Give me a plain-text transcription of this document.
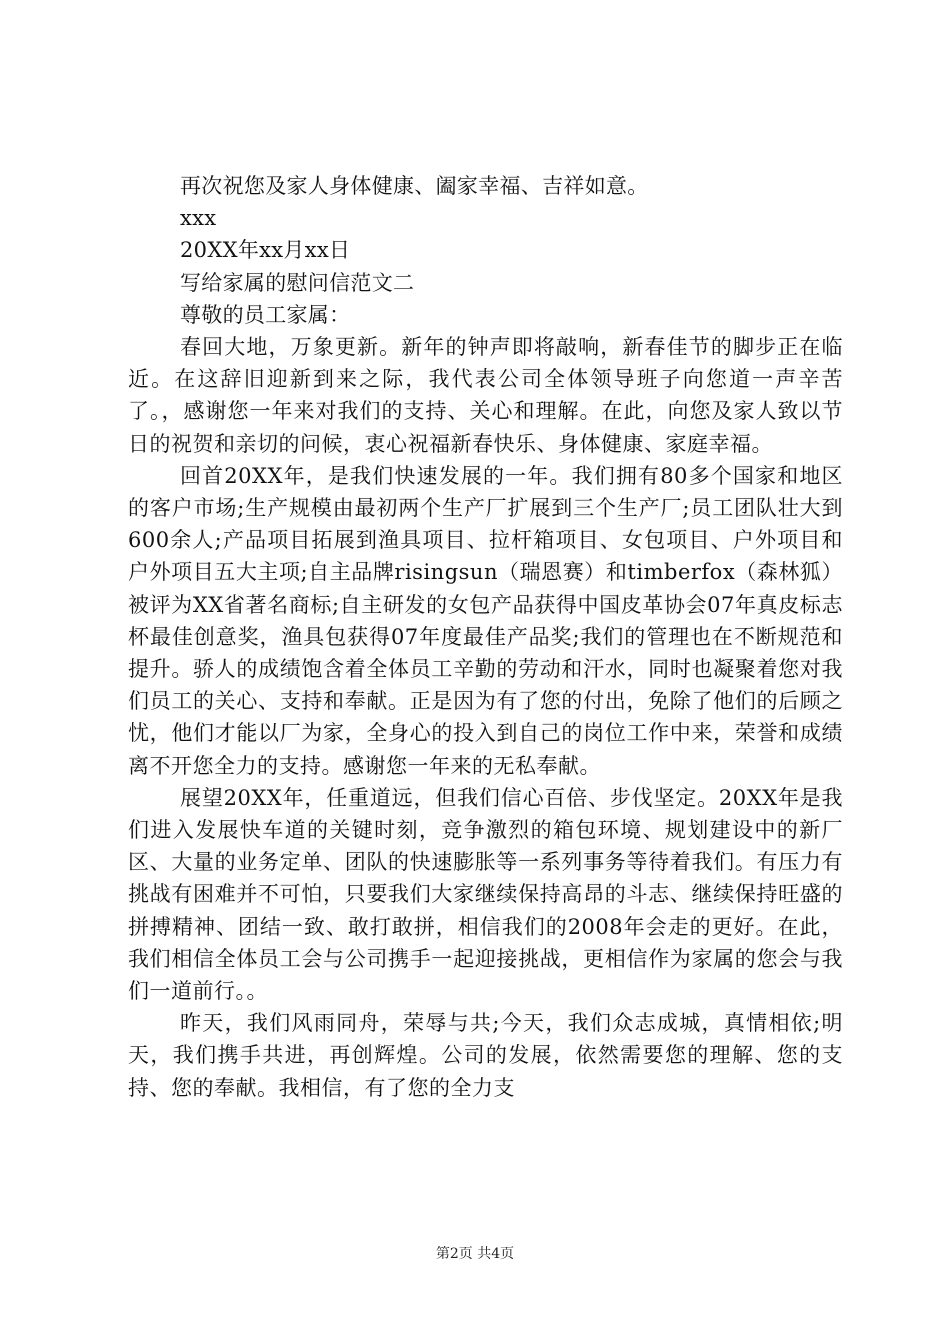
再次祝您及家人身体健康、阖家幸福、吉祥如意。
xxx
20XX年xx月xx日
写给家属的慰问信范文二
尊敬的员工家属：

春回大地，万象更新。新年的钟声即将敲响，新春佳节的脚步正在临近。在这辞旧迎新到来之际，我代表公司全体领导班子向您道一声辛苦了。，感谢您一年来对我们的支持、关心和理解。在此，向您及家人致以节日的祝贺和亲切的问候，衷心祝福新春快乐、身体健康、家庭幸福。

回首20XX年，是我们快速发展的一年。我们拥有80多个国家和地区的客户市场;生产规模由最初两个生产厂扩展到三个生产厂;员工团队壮大到600余人;产品项目拓展到渔具项目、拉杆箱项目、女包项目、户外项目和户外项目五大主项;自主品牌risingsun（瑞恩赛）和timberfox（森林狐）被评为XX省著名商标;自主研发的女包产品获得中国皮革协会07年真皮标志杯最佳创意奖，渔具包获得07年度最佳产品奖;我们的管理也在不断规范和提升。骄人的成绩饱含着全体员工辛勤的劳动和汗水，同时也凝聚着您对我们员工的关心、支持和奉献。正是因为有了您的付出，免除了他们的后顾之忧，他们才能以厂为家，全身心的投入到自己的岗位工作中来，荣誉和成绩离不开您全力的支持。感谢您一年来的无私奉献。

展望20XX年，任重道远，但我们信心百倍、步伐坚定。20XX年是我们进入发展快车道的关键时刻，竞争激烈的箱包环境、规划建设中的新厂区、大量的业务定单、团队的快速膨胀等一系列事务等待着我们。有压力有挑战有困难并不可怕，只要我们大家继续保持高昂的斗志、继续保持旺盛的拼搏精神、团结一致、敢打敢拼，相信我们的2008年会走的更好。在此，我们相信全体员工会与公司携手一起迎接挑战，更相信作为家属的您会与我们一道前行。。

昨天，我们风雨同舟，荣辱与共;今天，我们众志成城，真情相依;明天，我们携手共进，再创辉煌。公司的发展，依然需要您的理解、您的支持、您的奉献。我相信，有了您的全力支

第2页 共4页
